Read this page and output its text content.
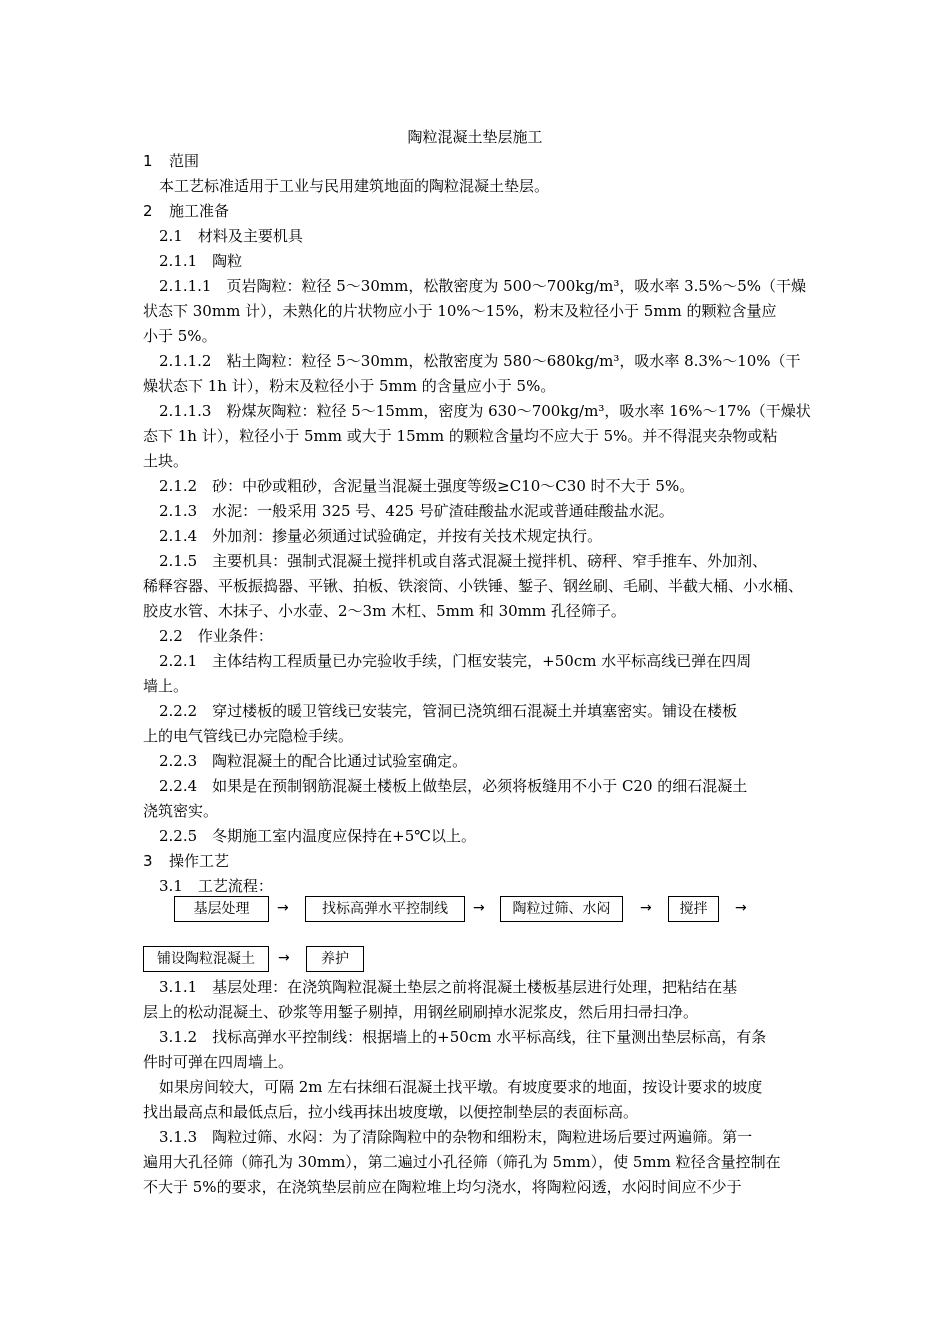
陶粒混凝土垫层施工
1 范围
本工艺标准适用于工业与民用建筑地面的陶粒混凝土垫层。
2 施工准备
2.1　材料及主要机具
2.1.1　陶粒
2.1.1.1　页岩陶粒：粒径 5～30mm，松散密度为 500～700kg/m³，吸水率 3.5%～5%（干燥
状态下 30mm 计），未熟化的片状物应小于 10%～15%，粉末及粒径小于 5mm 的颗粒含量应
小于 5%。
2.1.1.2　粘土陶粒：粒径 5～30mm，松散密度为 580～680kg/m³，吸水率 8.3%～10%（干
燥状态下 1h 计），粉末及粒径小于 5mm 的含量应小于 5%。
2.1.1.3　粉煤灰陶粒：粒径 5～15mm，密度为 630～700kg/m³，吸水率 16%～17%（干燥状
态下 1h 计），粒径小于 5mm 或大于 15mm 的颗粒含量均不应大于 5%。并不得混夹杂物或粘
土块。
2.1.2　砂：中砂或粗砂，含泥量当混凝土强度等级≥C10～C30 时不大于 5%。
2.1.3　水泥：一般采用 325 号、425 号矿渣硅酸盐水泥或普通硅酸盐水泥。
2.1.4　外加剂：掺量必须通过试验确定，并按有关技术规定执行。
2.1.5　主要机具：强制式混凝土搅拌机或自落式混凝土搅拌机、磅秤、窄手推车、外加剂、
稀释容器、平板振捣器、平锹、拍板、铁滚筒、小铁锤、錾子、钢丝刷、毛刷、半截大桶、小水桶、
胶皮水管、木抹子、小水壶、2～3m 木杠、5mm 和 30mm 孔径筛子。
2.2　作业条件：
2.2.1　主体结构工程质量已办完验收手续，门框安装完，+50cm 水平标高线已弹在四周
墙上。
2.2.2　穿过楼板的暖卫管线已安装完，管洞已浇筑细石混凝土并填塞密实。铺设在楼板
上的电气管线已办完隐检手续。
2.2.3　陶粒混凝土的配合比通过试验室确定。
2.2.4　如果是在预制钢筋混凝土楼板上做垫层，必须将板缝用不小于 C20 的细石混凝土
浇筑密实。
2.2.5　冬期施工室内温度应保持在+5℃以上。
3 操作工艺
3.1　工艺流程：
基层处理	→	找标高弹水平控制线	→	陶粒过筛、水闷	→	搅拌	→
铺设陶粒混凝土	→	养护
3.1.1　基层处理：在浇筑陶粒混凝土垫层之前将混凝土楼板基层进行处理，把粘结在基
层上的松动混凝土、砂浆等用錾子剔掉，用钢丝刷刷掉水泥浆皮，然后用扫帚扫净。
3.1.2　找标高弹水平控制线：根据墙上的+50cm 水平标高线，往下量测出垫层标高，有条
件时可弹在四周墙上。
如果房间较大，可隔 2m 左右抹细石混凝土找平墩。有坡度要求的地面，按设计要求的坡度
找出最高点和最低点后，拉小线再抹出坡度墩，以便控制垫层的表面标高。
3.1.3　陶粒过筛、水闷：为了清除陶粒中的杂物和细粉末，陶粒进场后要过两遍筛。第一
遍用大孔径筛（筛孔为 30mm），第二遍过小孔径筛（筛孔为 5mm），使 5mm 粒径含量控制在
不大于 5%的要求，在浇筑垫层前应在陶粒堆上均匀浇水，将陶粒闷透，水闷时间应不少于
